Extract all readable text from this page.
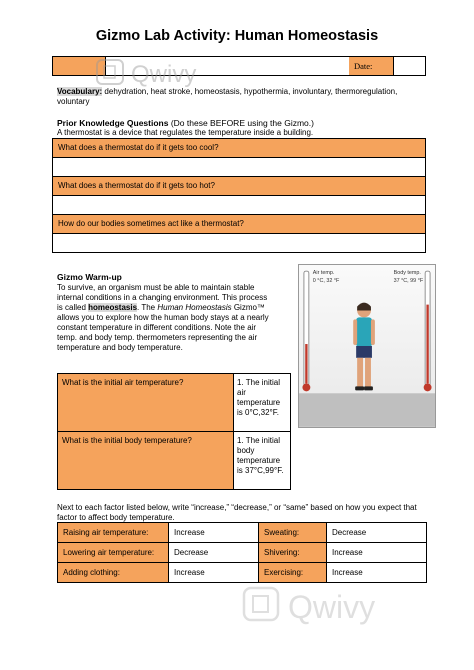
Gizmo Lab Activity: Human Homeostasis
Date:
Qwivy
Vocabulary: dehydration, heat stroke, homeostasis, hypothermia, involuntary, thermoregulation, voluntary
Prior Knowledge Questions (Do these BEFORE using the Gizmo.)
A thermostat is a device that regulates the temperature inside a building.
What does a thermostat do if it gets too cool?
What does a thermostat do if it gets too hot?
How do our bodies sometimes act like a thermostat?
Gizmo Warm-up
To survive, an organism must be able to maintain stable internal conditions in a changing environment. This process is called homeostasis. The Human Homeostasis Gizmo™ allows you to explore how the human body stays at a nearly constant temperature in different conditions. Note the air temp. and body temp. thermometers representing the air temperature and body temperature.
Air temp.
0 °C, 32 °F
Body temp.
37 °C, 99 °F
What is the initial air temperature?	1. The initial air temperature is 0°C,32°F.
What is the initial body temperature?	1. The initial body temperature is 37°C,99°F.
Next to each factor listed below, write “increase,” “decrease,” or “same” based on how you expect that factor to affect body temperature.
Raising air temperature:	Increase	Sweating:	Decrease
Lowering air temperature:	Decrease	Shivering:	Increase
Adding clothing:	Increase	Exercising:	Increase
Qwivy
